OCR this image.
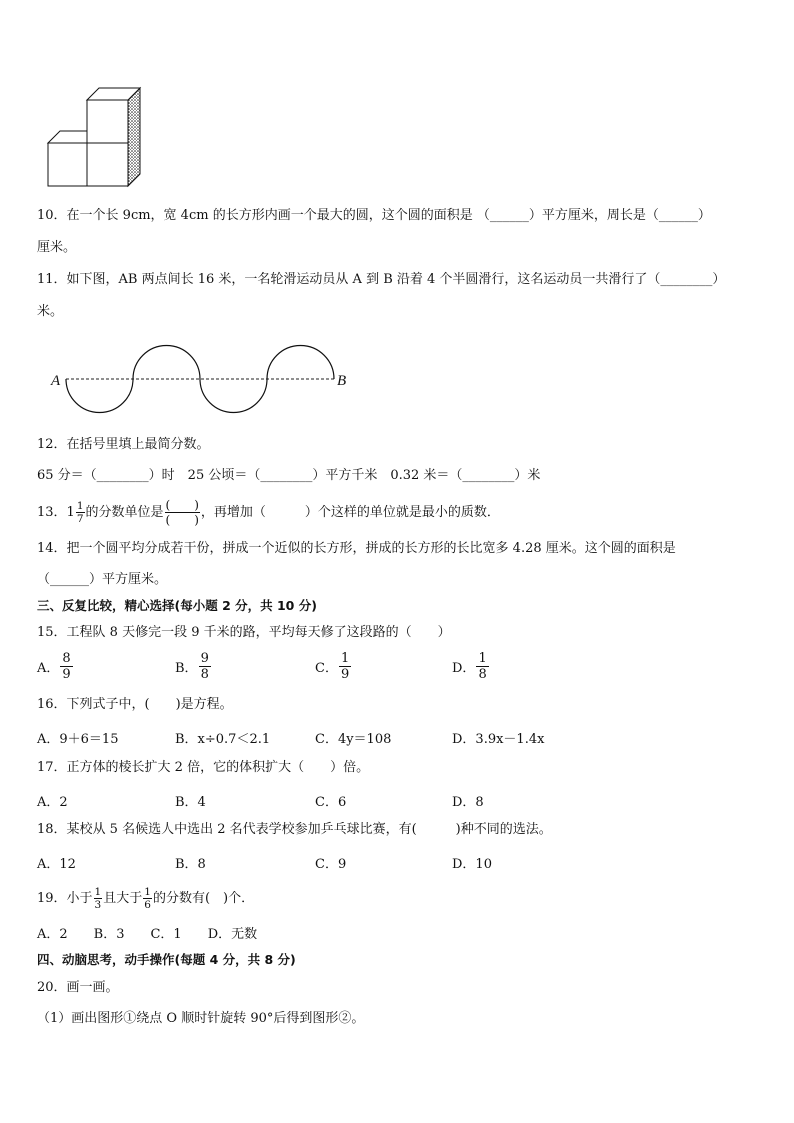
10．在一个长 9cm，宽 4cm 的长方形内画一个最大的圆，这个圆的面积是 （______）平方厘米，周长是（______）
厘米。
11．如下图，AB 两点间长 16 米，一名轮滑运动员从 A 到 B 沿着 4 个半圆滑行，这名运动员一共滑行了（________）
米。
A	B
12．在括号里填上最简分数。
65 分＝（________）时　25 公顷＝（________）平方千米　0.32 米＝（________）米
13．$1 \frac{1}{7}$ 的分数单位是 $\frac{( )}{( )}$ ，再增加（　　　）个这样的单位就是最小的质数．
14．把一个圆平均分成若干份，拼成一个近似的长方形，拼成的长方形的长比宽多 4.28 厘米。这个圆的面积是
（______）平方厘米。
三、反复比较，精心选择(每小题 2 分，共 10 分)
15．工程队 8 天修完一段 9 千米的路，平均每天修了这段路的（　　）
A． $\frac{8}{9}$	B． $\frac{9}{8}$	C． $\frac{1}{9}$	D． $\frac{1}{8}$
16．下列式子中，(　　)是方程。
A．9＋6＝15	B．x÷0.7＜2.1	C．4y＝108	D．3.9x－1.4x
17．正方体的棱长扩大 2 倍，它的体积扩大（　　）倍。
A．2	B．4	C．6	D．8
18．某校从 5 名候选人中选出 2 名代表学校参加乒乓球比赛，有(　　　)种不同的选法。
A．12	B．8	C．9	D．10
19．小于 $\frac{1}{3}$ 且大于 $\frac{1}{6}$ 的分数有(　)个．
A．2　　B．3　　C．1　　D．无数
四、动脑思考，动手操作(每题 4 分，共 8 分)
20．画一画。
（1）画出图形①绕点 O 顺时针旋转 90°后得到图形②。
